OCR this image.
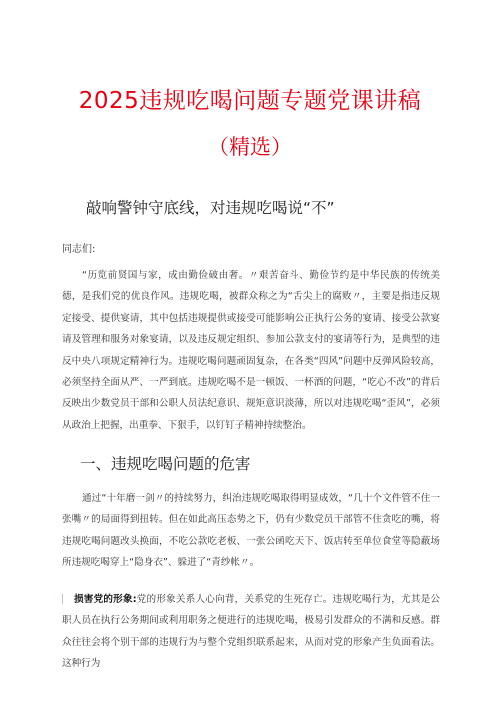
2025违规吃喝问题专题党课讲稿
（精选）
敲响警钟守底线，对违规吃喝说“不”
同志们:
“历览前贤国与家，成由勤俭破由奢。〃艰苦奋斗、勤俭节约是中华民族的传统美德，是我们党的优良作风。违规吃喝，被群众称之为“舌尖上的腐败〃，主要是指违反规定接受、提供宴请，其中包括违规提供或接受可能影响公正执行公务的宴请、接受公款宴请及管理和服务对象宴请，以及违反规定组织、参加公款支付的宴请等行为，是典型的违反中央八项规定精神行为。违规吃喝问题顽固复杂，在各类“四风”问题中反弹风险较高，必须坚持全面从严、一严到底。违规吃喝不是一顿饭、一杯酒的问题，“吃心不改”的背后反映出少数党员干部和公职人员法纪意识、规矩意识淡薄，所以对违规吃喝“歪风”，必须从政治上把握，出重拳、下狠手，以钉钉子精神持续整治。
一、违规吃喝问题的危害
通过“十年磨一剑〃的持续努力，纠治违规吃喝取得明显成效，“几十个文件管不住一张嘴〃的局面得到扭转。但在如此高压态势之下，仍有少数党员干部管不住贪吃的嘴，将违规吃喝问题改头换面，不吃公款吃老板、一张公函吃天下、饭店转至单位食堂等隐蔽场所违规吃喝穿上“隐身衣”、躲进了“青纱帐〃。
损害党的形象:党的形象关系人心向背，关系党的生死存亡。违规吃喝行为，尤其是公职人员在执行公务期间或利用职务之便进行的违规吃喝，极易引发群众的不满和反感。群众往往会将个别干部的违规行为与整个党组织联系起来，从而对党的形象产生负面看法。这种行为
